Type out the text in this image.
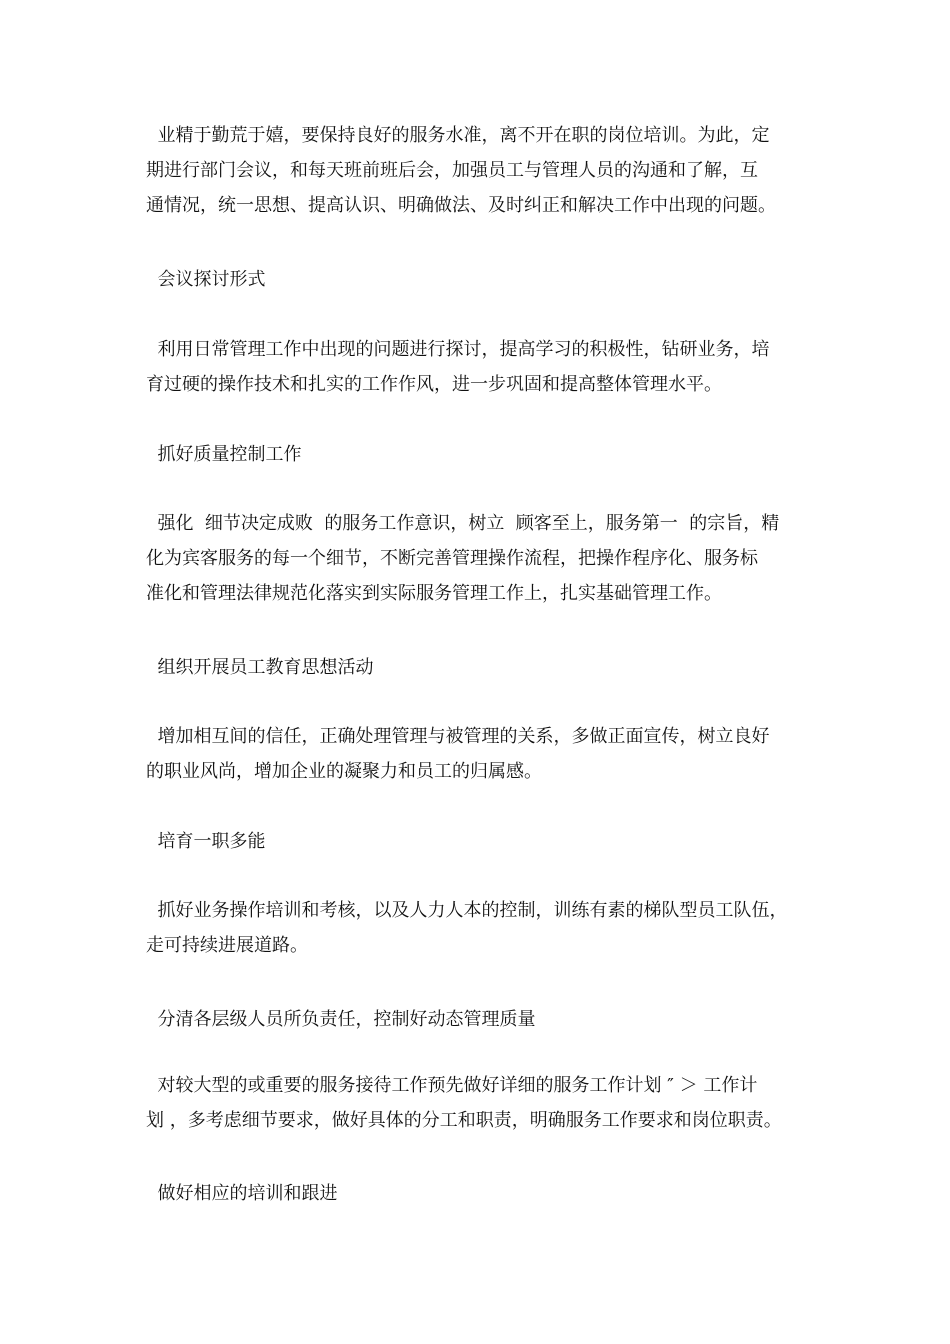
业精于勤荒于嬉，要保持良好的服务水准，离不开在职的岗位培训。为此，定
期进行部门会议，和每天班前班后会，加强员工与管理人员的沟通和了解，互
通情况，统一思想、提高认识、明确做法、及时纠正和解决工作中出现的问题。
会议探讨形式
利用日常管理工作中出现的问题进行探讨，提高学习的积极性，钻研业务，培
育过硬的操作技术和扎实的工作作风，进一步巩固和提高整体管理水平。
抓好质量控制工作
强化  细节决定成败  的服务工作意识，树立  顾客至上，服务第一  的宗旨，精
化为宾客服务的每一个细节，不断完善管理操作流程，把操作程序化、服务标
准化和管理法律规范化落实到实际服务管理工作上，扎实基础管理工作。
组织开展员工教育思想活动
增加相互间的信任，正确处理管理与被管理的关系，多做正面宣传，树立良好
的职业风尚，增加企业的凝聚力和员工的归属感。
培育一职多能
抓好业务操作培训和考核，以及人力人本的控制，训练有素的梯队型员工队伍，
走可持续进展道路。
分清各层级人员所负责任，控制好动态管理质量
对较大型的或重要的服务接待工作预先做好详细的服务工作计划 ″ ＞ 工作计
划 ，多考虑细节要求，做好具体的分工和职责，明确服务工作要求和岗位职责。
做好相应的培训和跟进
